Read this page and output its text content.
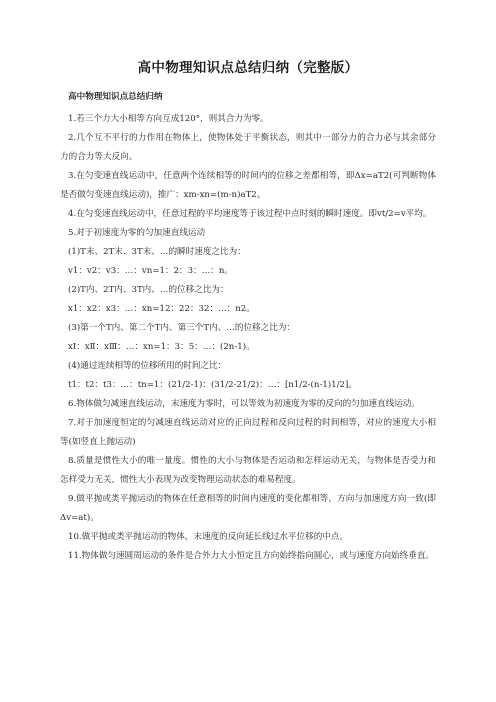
高中物理知识点总结归纳（完整版）
高中物理知识点总结归纳

1.若三个力大小相等方向互成120°，则其合力为零。

2.几个互不平行的力作用在物体上，使物体处于平衡状态，则其中一部分力的合力必与其余部分力的合力等大反向。

3.在匀变速直线运动中，任意两个连续相等的时间内的位移之差都相等，即Δx=aT2(可判断物体是否做匀变速直线运动)，推广：xm-xn=(m-n)aT2。

4.在匀变速直线运动中，任意过程的平均速度等于该过程中点时刻的瞬时速度。即vt/2=v平均。

5.对于初速度为零的匀加速直线运动

(1)T末、2T末、3T末、…的瞬时速度之比为：

v1：v2：v3：…：vn=1：2：3：…：n。

(2)T内、2T内、3T内、…的位移之比为：

x1：x2：x3：…：xn=12：22：32：…：n2。

(3)第一个T内、第二个T内、第三个T内、…的位移之比为：

xⅠ：xⅡ：xⅢ：…：xn=1：3：5：…：(2n-1)。

(4)通过连续相等的位移所用的时间之比：

t1：t2：t3：…：tn=1：(21/2-1)：(31/2-21/2)：…：[n1/2-(n-1)1/2]。

6.物体做匀减速直线运动，末速度为零时，可以等效为初速度为零的反向的匀加速直线运动。

7.对于加速度恒定的匀减速直线运动对应的正向过程和反向过程的时间相等，对应的速度大小相等(如竖直上抛运动)

8.质量是惯性大小的唯一量度。惯性的大小与物体是否运动和怎样运动无关，与物体是否受力和怎样受力无关，惯性大小表现为改变物理运动状态的难易程度。

9.做平抛或类平抛运动的物体在任意相等的时间内速度的变化都相等，方向与加速度方向一致(即Δv=at)。

10.做平抛或类平抛运动的物体，末速度的反向延长线过水平位移的中点。

11.物体做匀速圆周运动的条件是合外力大小恒定且方向始终指向圆心，或与速度方向始终垂直。
